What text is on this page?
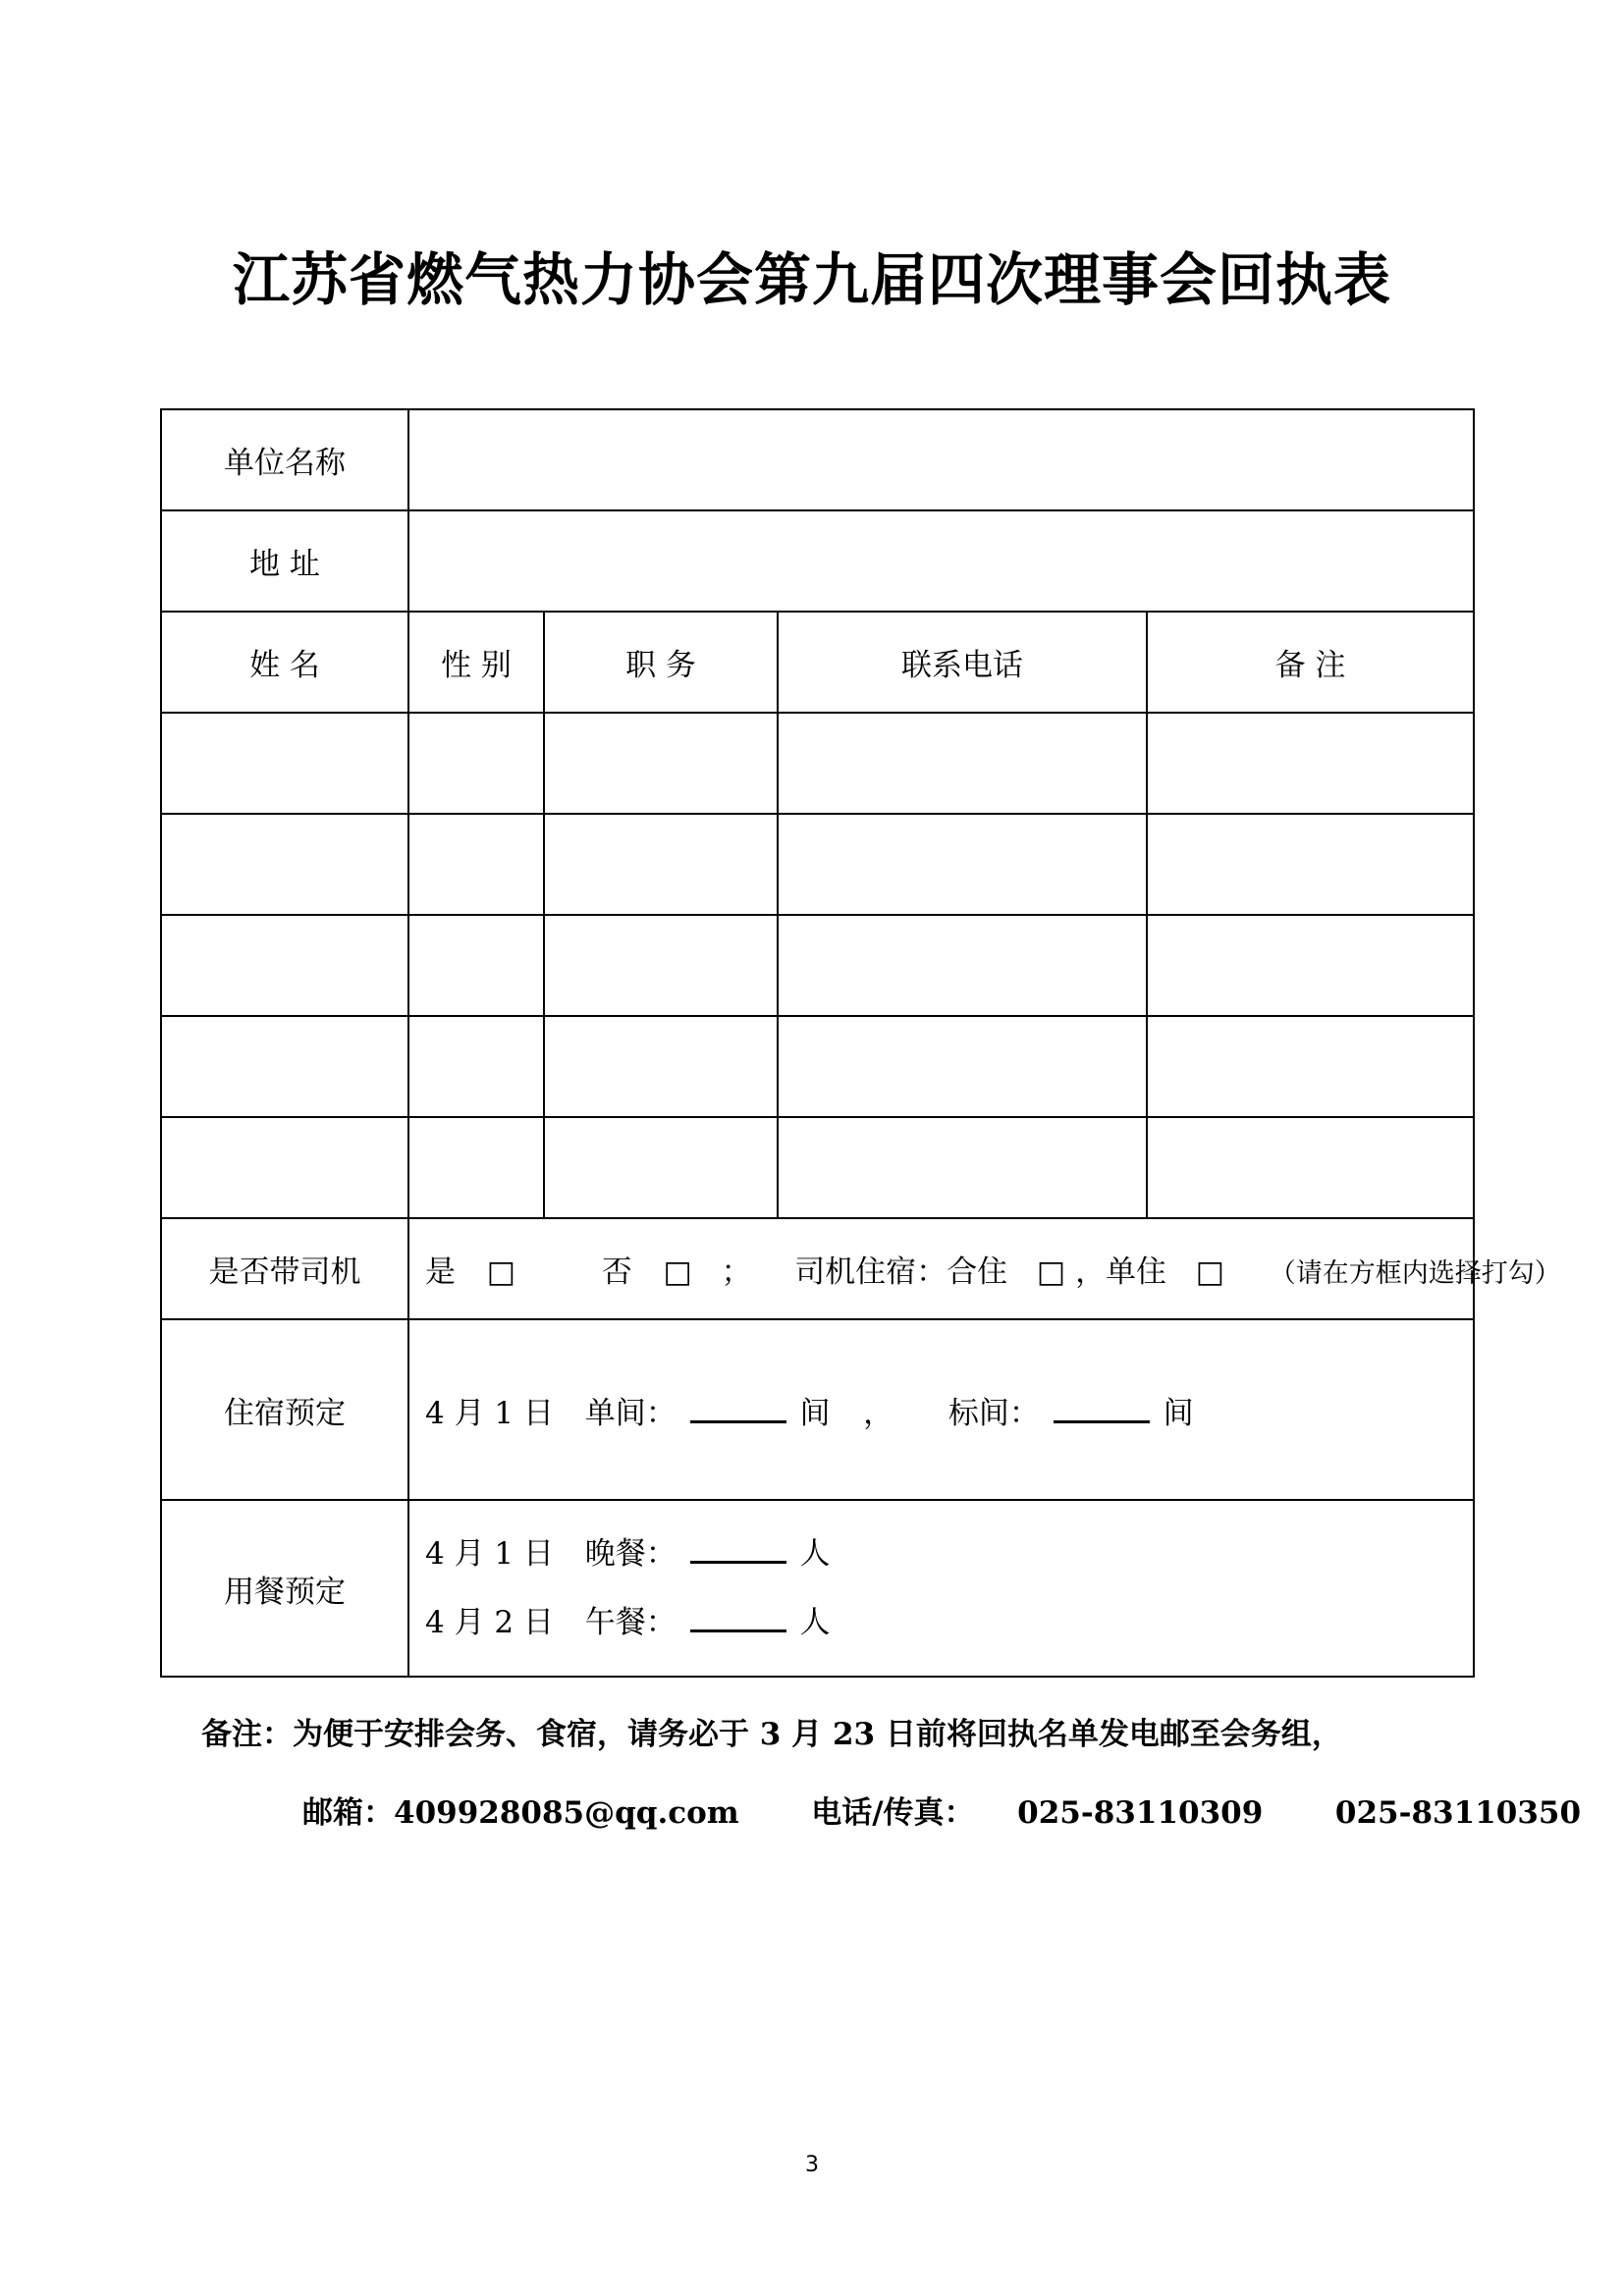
江苏省燃气热力协会第九届四次理事会回执表
单位名称				
地 址				
姓 名	性 别	职 务	联系电话	备 注

是否带司机	是 □ 否 □ ； 司机住宿：合住 □ ，单住 □ （请在方框内选择打勾）			
住宿预定	4 月 1 日 单间： 间 ， 标间： 间			
用餐预定	4 月 1 日 晚餐： 人
4 月 2 日 午餐： 人			
备注：为便于安排会务、食宿，请务必于 3 月 23 日前将回执名单发电邮至会务组，
邮箱：409928085@qq.com 电话/传真： 025-83110309 025-83110350
3
